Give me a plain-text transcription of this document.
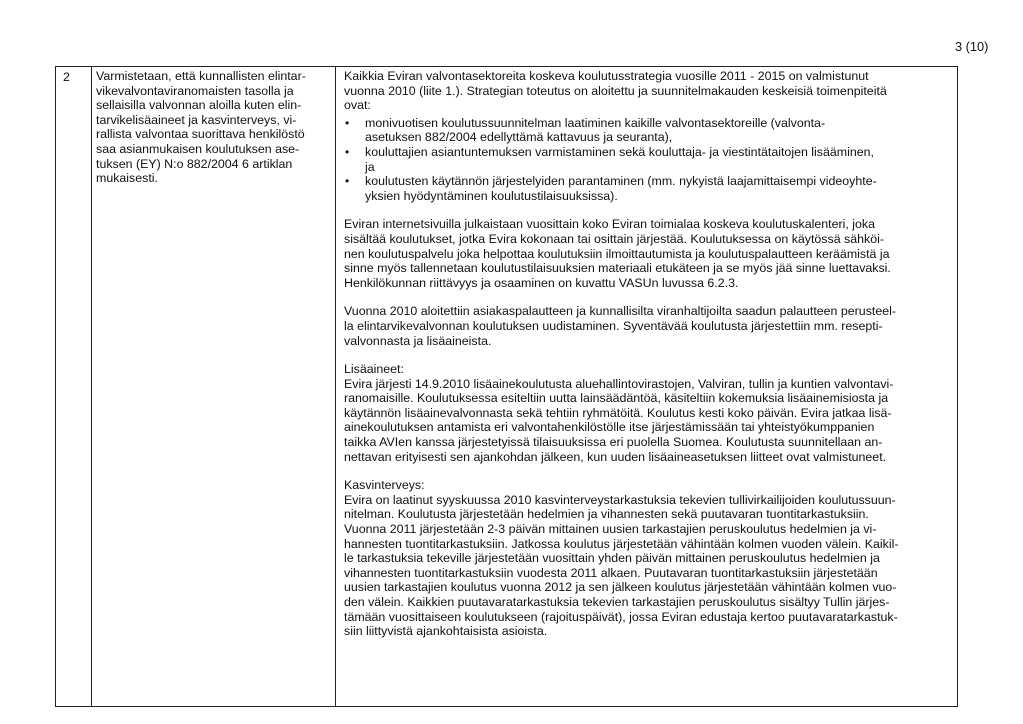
3 (10)
2 Varmistetaan, että kunnallisten elintar-
vikevalvontaviranomaisten tasolla ja
sellaisilla valvonnan aloilla kuten elin-
tarvikelisäaineet ja kasvinterveys, vi-
rallista valvontaa suorittava henkilöstö
saa asianmukaisen koulutuksen ase-
tuksen (EY) N:o 882/2004 6 artiklan
mukaisesti.

Kaikkia Eviran valvontasektoreita koskeva koulutusstrategia vuosille 2011 - 2015 on valmistunut
vuonna 2010 (liite 1.). Strategian toteutus on aloitettu ja suunnitelmakauden keskeisiä toimenpiteitä
ovat:

• monivuotisen koulutussuunnitelman laatiminen kaikille valvontasektoreille (valvonta-
asetuksen 882/2004 edellyttämä kattavuus ja seuranta),
• kouluttajien asiantuntemuksen varmistaminen sekä kouluttaja- ja viestintätaitojen lisääminen,
ja
• koulutusten käytännön järjestelyiden parantaminen (mm. nykyistä laajamittaisempi videoyhte-
yksien hyödyntäminen koulutustilaisuuksissa).

Eviran internetsivuilla julkaistaan vuosittain koko Eviran toimialaa koskeva koulutuskalenteri, joka
sisältää koulutukset, jotka Evira kokonaan tai osittain järjestää. Koulutuksessa on käytössä sähköi-
nen koulutuspalvelu joka helpottaa koulutuksiin ilmoittautumista ja koulutuspalautteen keräämistä ja
sinne myös tallennetaan koulutustilaisuuksien materiaali etukäteen ja se myös jää sinne luettavaksi.
Henkilökunnan riittävyys ja osaaminen on kuvattu VASUn luvussa 6.2.3.

Vuonna 2010 aloitettiin asiakaspalautteen ja kunnallisilta viranhaltijoilta saadun palautteen perusteel-
la elintarvikevalvonnan koulutuksen uudistaminen. Syventävää koulutusta järjestettiin mm. resepti-
valvonnasta ja lisäaineista.

Lisäaineet:
Evira järjesti 14.9.2010 lisäainekoulutusta aluehallintovirastojen, Valviran, tullin ja kuntien valvontavi-
ranomaisille. Koulutuksessa esiteltiin uutta lainsäädäntöä, käsiteltiin kokemuksia lisäainemisiosta ja
käytännön lisäainevalvonnasta sekä tehtiin ryhmätöitä. Koulutus kesti koko päivän. Evira jatkaa lisä-
ainekoulutuksen antamista eri valvontahenkilöstölle itse järjestämissään tai yhteistyökumppanien
taikka AVIen kanssa järjestetyissä tilaisuuksissa eri puolella Suomea. Koulutusta suunnitellaan an-
nettavan erityisesti sen ajankohdan jälkeen, kun uuden lisäaineasetuksen liitteet ovat valmistuneet.

Kasvinterveys:
Evira on laatinut syyskuussa 2010 kasvinterveystarkastuksia tekevien tullivirkailijoiden koulutussuun-
nitelman. Koulutusta järjestetään hedelmien ja vihannesten sekä puutavaran tuontitarkastuksiin.
Vuonna 2011 järjestetään 2-3 päivän mittainen uusien tarkastajien peruskoulutus hedelmien ja vi-
hannesten tuontitarkastuksiin. Jatkossa koulutus järjestetään vähintään kolmen vuoden välein. Kaikil-
le tarkastuksia tekeville järjestetään vuosittain yhden päivän mittainen peruskoulutus hedelmien ja
vihannesten tuontitarkastuksiin vuodesta 2011 alkaen. Puutavaran tuontitarkastuksiin järjestetään
uusien tarkastajien koulutus vuonna 2012 ja sen jälkeen koulutus järjestetään vähintään kolmen vuo-
den välein. Kaikkien puutavaratarkastuksia tekevien tarkastajien peruskoulutus sisältyy Tullin järjes-
tämään vuosittaiseen koulutukseen (rajoituspäivät), jossa Eviran edustaja kertoo puutavaratarkastuk-
siin liittyvistä ajankohtaisista asioista.
